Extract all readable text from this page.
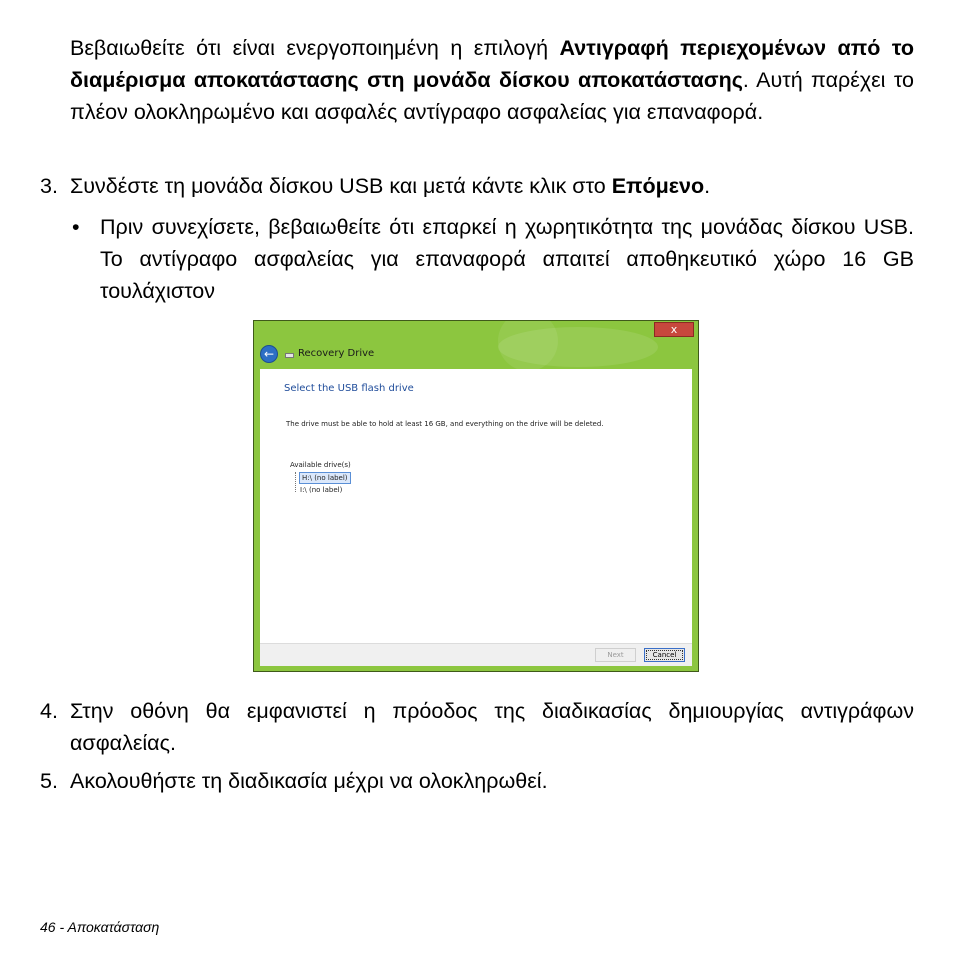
Βεβαιωθείτε ότι είναι ενεργοποιημένη η επιλογή Αντιγραφή περιεχομένων από το διαμέρισμα αποκατάστασης στη μονάδα δίσκου αποκατάστασης. Αυτή παρέχει το πλέον ολοκληρωμένο και ασφαλές αντίγραφο ασφαλείας για επαναφορά.
3. Συνδέστε τη μονάδα δίσκου USB και μετά κάντε κλικ στο Επόμενο.
• Πριν συνεχίσετε, βεβαιωθείτε ότι επαρκεί η χωρητικότητα της μονάδας δίσκου USB. Το αντίγραφο ασφαλείας για επαναφορά απαιτεί αποθηκευτικό χώρο 16 GB τουλάχιστον
x
←	Recovery Drive
Select the USB flash drive
The drive must be able to hold at least 16 GB, and everything on the drive will be deleted.
Available drive(s)
H:\ (no label)
I:\ (no label)
Next	Cancel
4. Στην οθόνη θα εμφανιστεί η πρόοδος της διαδικασίας δημιουργίας αντιγράφων ασφαλείας.
5. Ακολουθήστε τη διαδικασία μέχρι να ολοκληρωθεί.
46 - Αποκατάσταση
